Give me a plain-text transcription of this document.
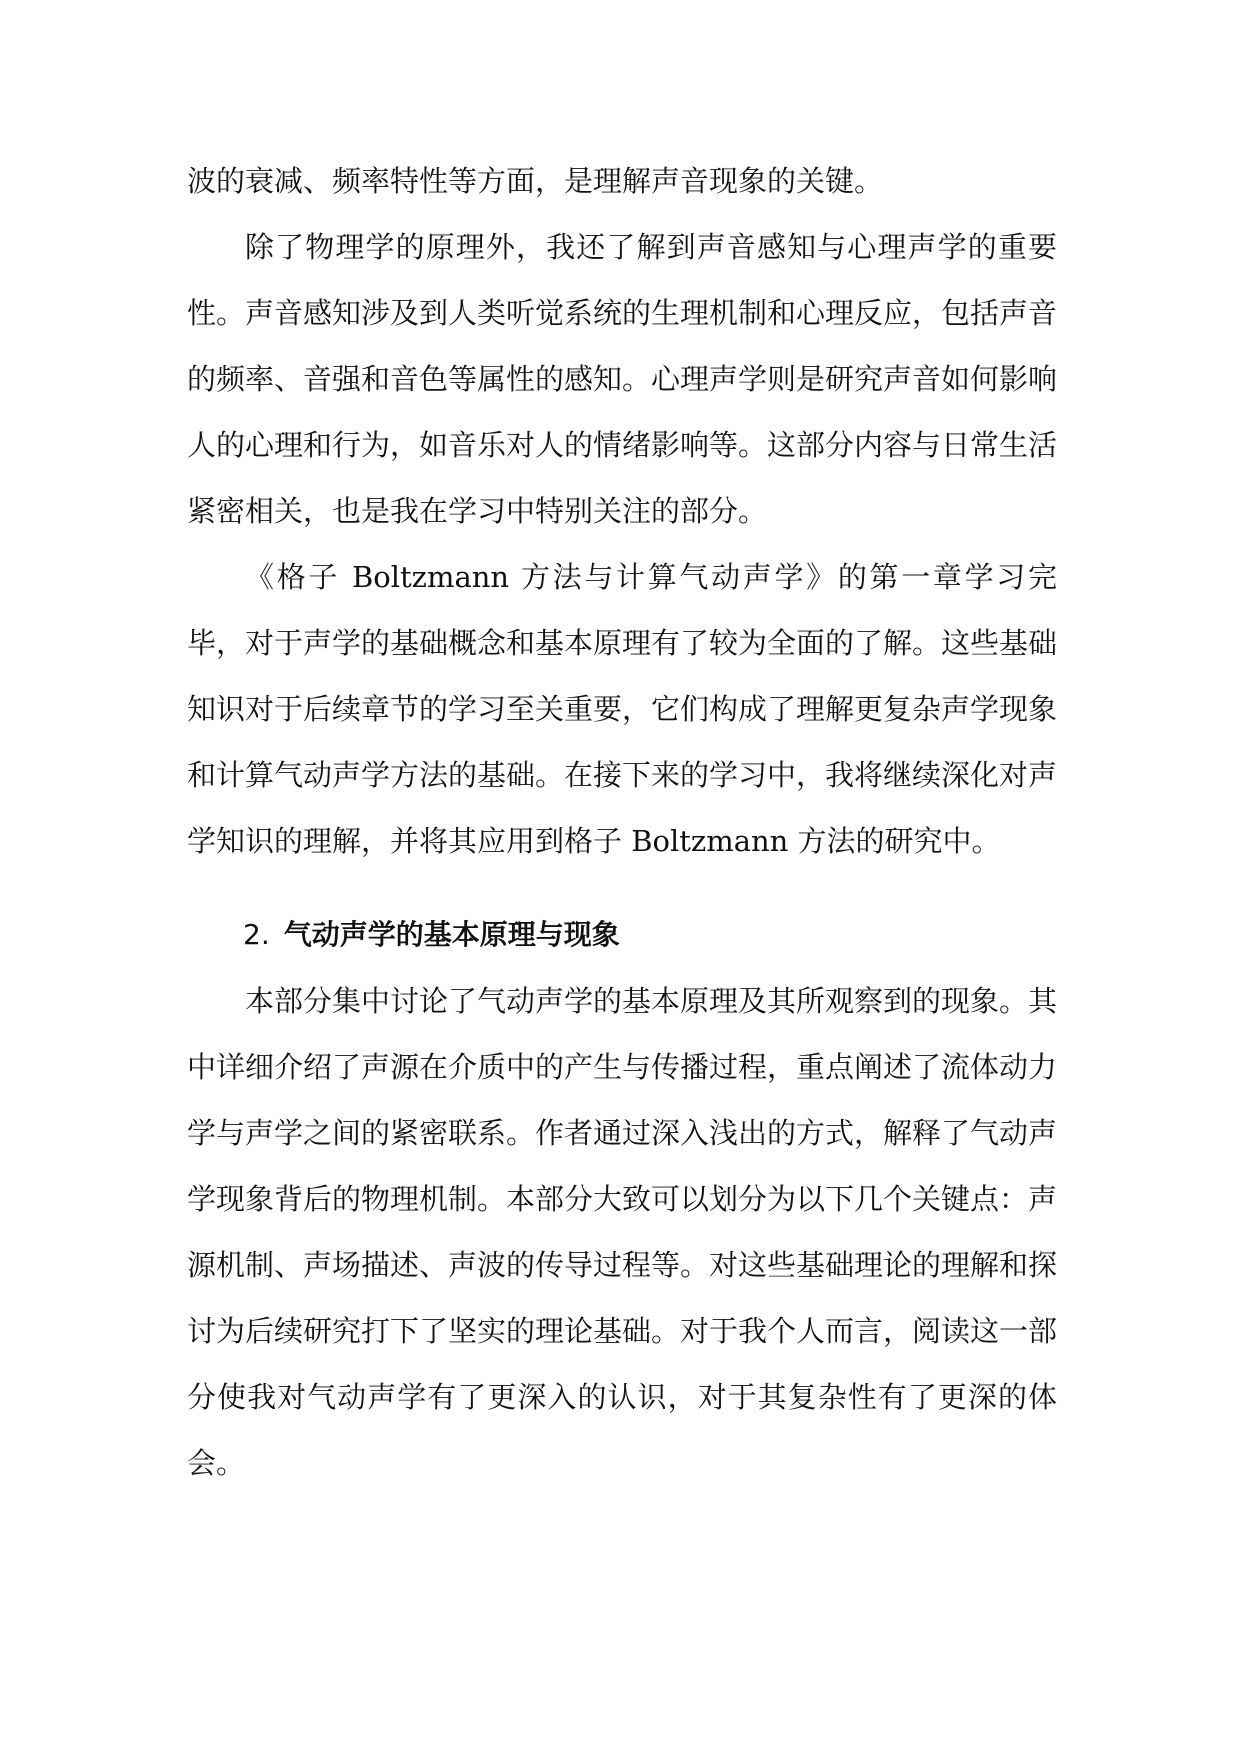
波的衰减、频率特性等方面，是理解声音现象的关键。

除了物理学的原理外，我还了解到声音感知与心理声学的重要性。声音感知涉及到人类听觉系统的生理机制和心理反应，包括声音的频率、音强和音色等属性的感知。心理声学则是研究声音如何影响人的心理和行为，如音乐对人的情绪影响等。这部分内容与日常生活紧密相关，也是我在学习中特别关注的部分。

《格子 Boltzmann 方法与计算气动声学》的第一章学习完毕，对于声学的基础概念和基本原理有了较为全面的了解。这些基础知识对于后续章节的学习至关重要，它们构成了理解更复杂声学现象和计算气动声学方法的基础。在接下来的学习中，我将继续深化对声学知识的理解，并将其应用到格子 Boltzmann 方法的研究中。

2. 气动声学的基本原理与现象

本部分集中讨论了气动声学的基本原理及其所观察到的现象。其中详细介绍了声源在介质中的产生与传播过程，重点阐述了流体动力学与声学之间的紧密联系。作者通过深入浅出的方式，解释了气动声学现象背后的物理机制。本部分大致可以划分为以下几个关键点：声源机制、声场描述、声波的传导过程等。对这些基础理论的理解和探讨为后续研究打下了坚实的理论基础。对于我个人而言，阅读这一部分使我对气动声学有了更深入的认识，对于其复杂性有了更深的体会。
